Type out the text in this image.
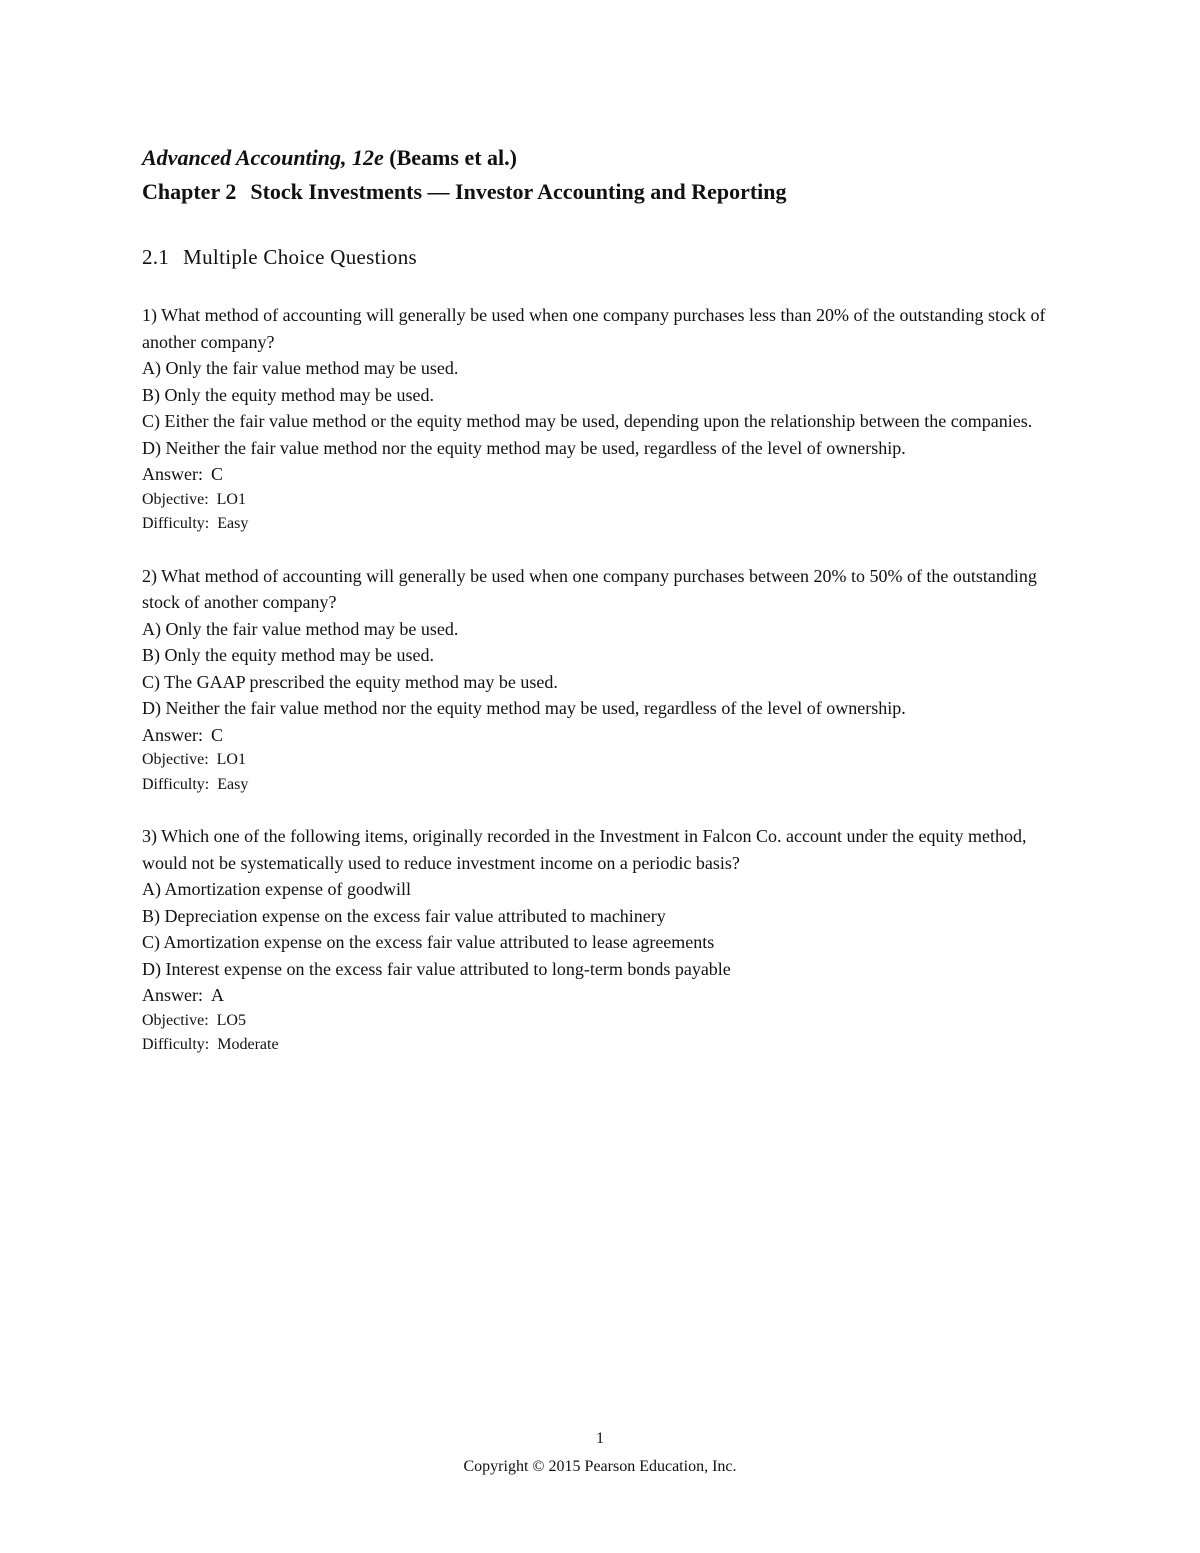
Advanced Accounting, 12e (Beams et al.)

Chapter 2 Stock Investments — Investor Accounting and Reporting

2.1 Multiple Choice Questions

1) What method of accounting will generally be used when one company purchases less than 20% of the outstanding stock of another company?

A) Only the fair value method may be used.

B) Only the equity method may be used.

C) Either the fair value method or the equity method may be used, depending upon the relationship between the companies.

D) Neither the fair value method nor the equity method may be used, regardless of the level of ownership.

Answer: C

Objective: LO1

Difficulty: Easy

2) What method of accounting will generally be used when one company purchases between 20% to 50% of the outstanding stock of another company?

A) Only the fair value method may be used.

B) Only the equity method may be used.

C) The GAAP prescribed the equity method may be used.

D) Neither the fair value method nor the equity method may be used, regardless of the level of ownership.

Answer: C

Objective: LO1

Difficulty: Easy

3) Which one of the following items, originally recorded in the Investment in Falcon Co. account under the equity method, would not be systematically used to reduce investment income on a periodic basis?

A) Amortization expense of goodwill

B) Depreciation expense on the excess fair value attributed to machinery

C) Amortization expense on the excess fair value attributed to lease agreements

D) Interest expense on the excess fair value attributed to long-term bonds payable

Answer: A

Objective: LO5

Difficulty: Moderate

1
Copyright © 2015 Pearson Education, Inc.
